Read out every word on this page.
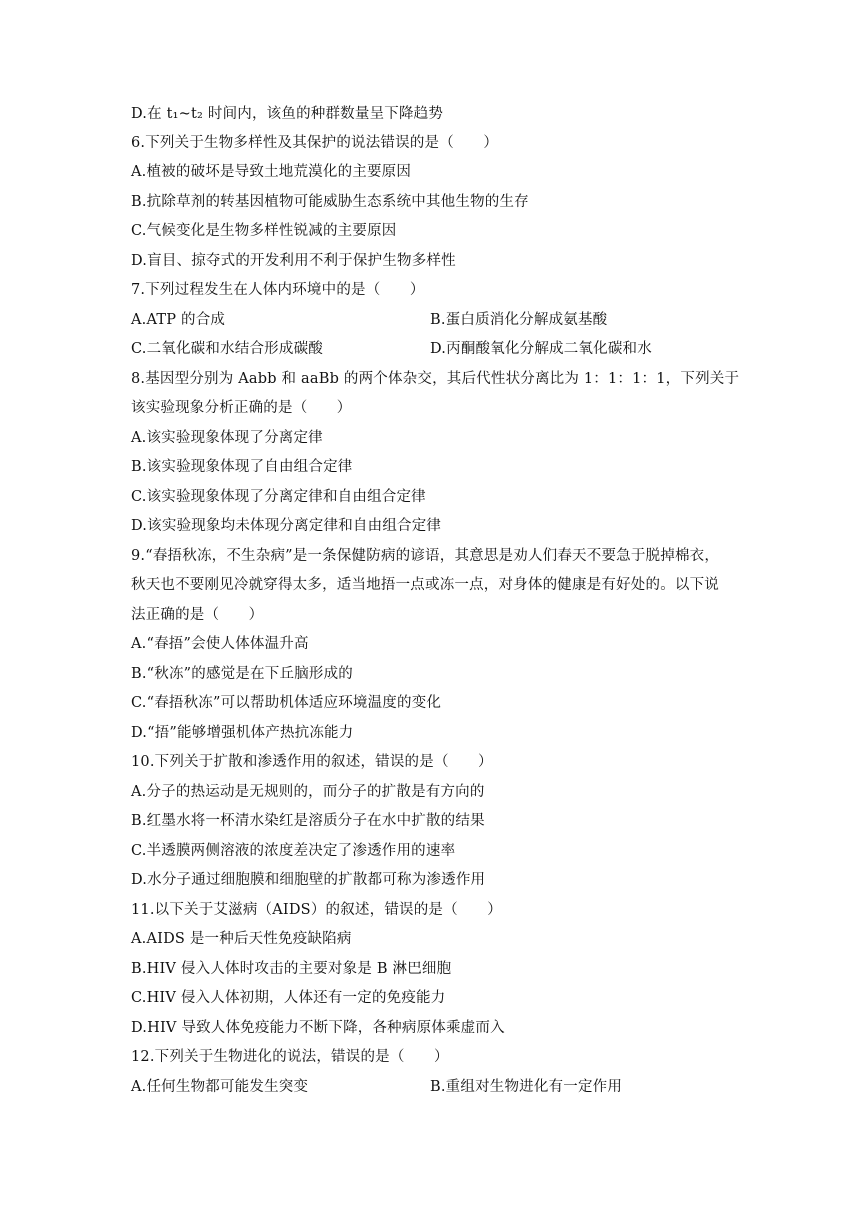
D.在 t₁~t₂ 时间内，该鱼的种群数量呈下降趋势
6.下列关于生物多样性及其保护的说法错误的是（　　）
A.植被的破坏是导致土地荒漠化的主要原因
B.抗除草剂的转基因植物可能威胁生态系统中其他生物的生存
C.气候变化是生物多样性锐减的主要原因
D.盲目、掠夺式的开发利用不利于保护生物多样性
7.下列过程发生在人体内环境中的是（　　）
A.ATP 的合成	B.蛋白质消化分解成氨基酸
C.二氧化碳和水结合形成碳酸	D.丙酮酸氧化分解成二氧化碳和水
8.基因型分别为 Aabb 和 aaBb 的两个体杂交，其后代性状分离比为 1：1：1：1，下列关于
该实验现象分析正确的是（　　）
A.该实验现象体现了分离定律
B.该实验现象体现了自由组合定律
C.该实验现象体现了分离定律和自由组合定律
D.该实验现象均未体现分离定律和自由组合定律
9.“春捂秋冻，不生杂病”是一条保健防病的谚语，其意思是劝人们春天不要急于脱掉棉衣，
秋天也不要刚见冷就穿得太多，适当地捂一点或冻一点，对身体的健康是有好处的。以下说
法正确的是（　　）
A.“春捂”会使人体体温升高
B.“秋冻”的感觉是在下丘脑形成的
C.“春捂秋冻”可以帮助机体适应环境温度的变化
D.“捂”能够增强机体产热抗冻能力
10.下列关于扩散和渗透作用的叙述，错误的是（　　）
A.分子的热运动是无规则的，而分子的扩散是有方向的
B.红墨水将一杯清水染红是溶质分子在水中扩散的结果
C.半透膜两侧溶液的浓度差决定了渗透作用的速率
D.水分子通过细胞膜和细胞壁的扩散都可称为渗透作用
11.以下关于艾滋病（AIDS）的叙述，错误的是（　　）
A.AIDS 是一种后天性免疫缺陷病
B.HIV 侵入人体时攻击的主要对象是 B 淋巴细胞
C.HIV 侵入人体初期，人体还有一定的免疫能力
D.HIV 导致人体免疫能力不断下降，各种病原体乘虚而入
12.下列关于生物进化的说法，错误的是（　　）
A.任何生物都可能发生突变	B.重组对生物进化有一定作用
